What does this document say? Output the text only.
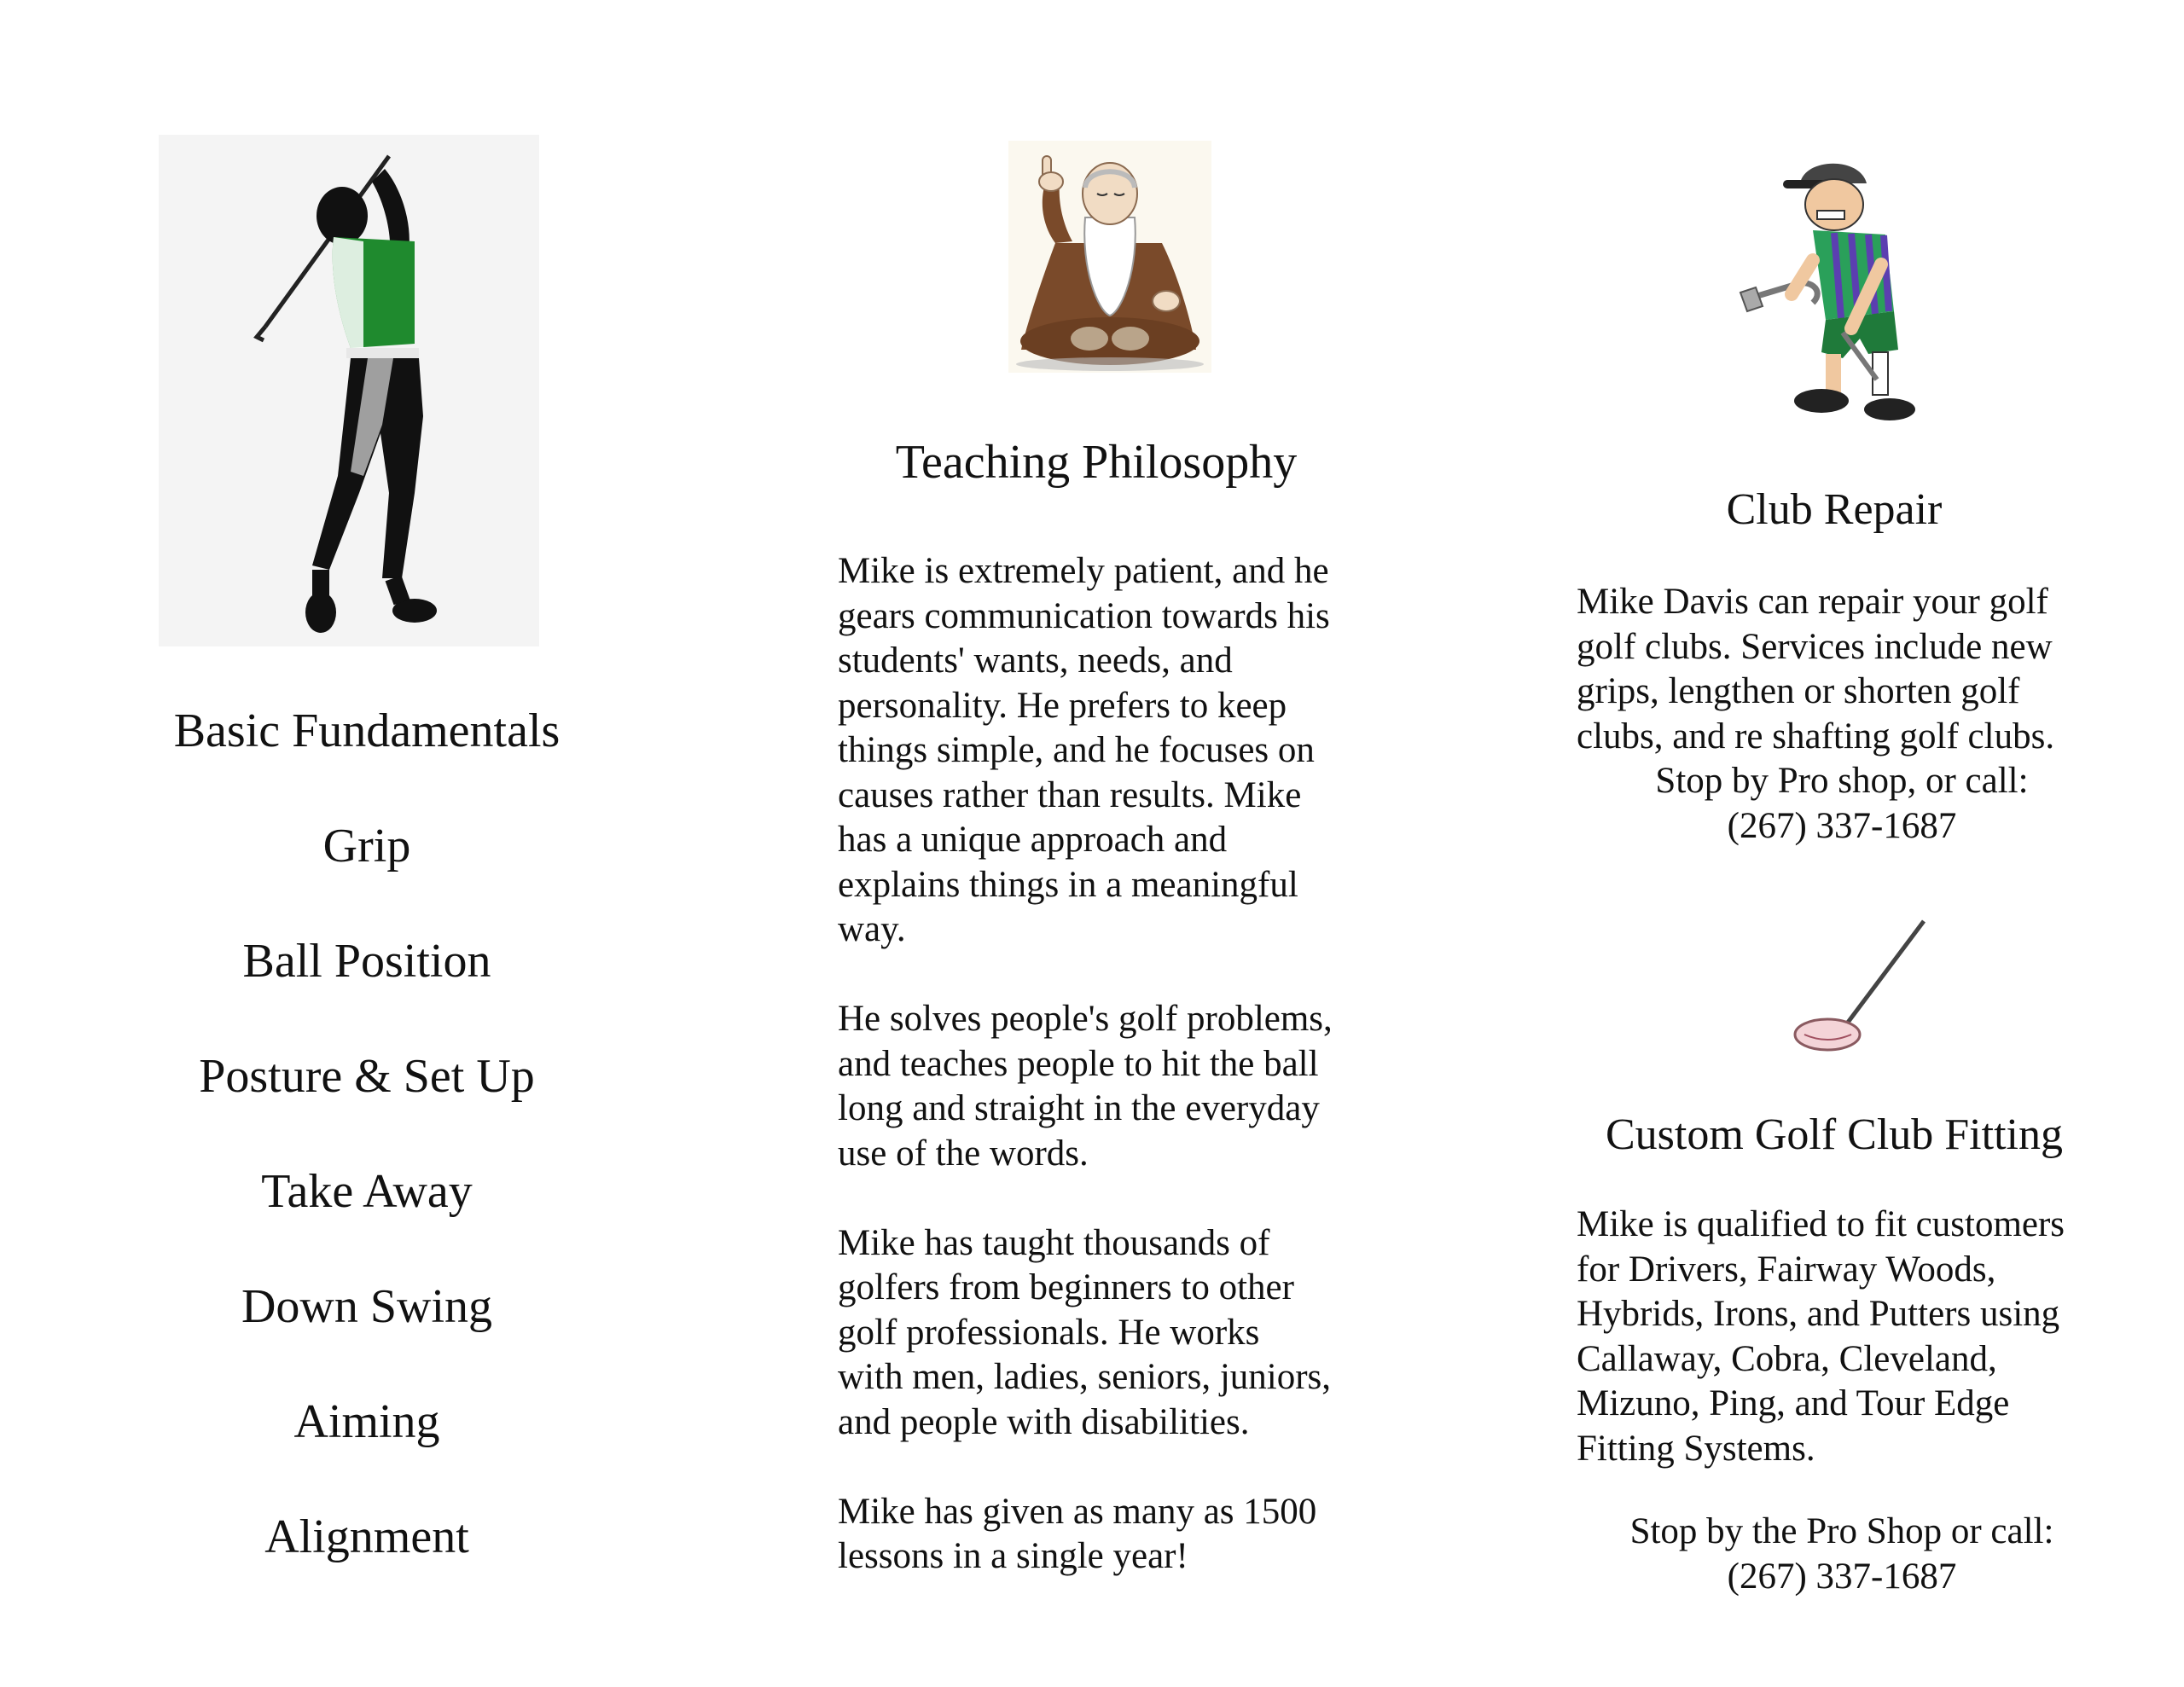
Basic Fundamentals
Grip
Ball Position
Posture & Set Up
Take Away
Down Swing
Aiming
Alignment
Teaching Philosophy

Mike is extremely patient, and he
gears communication towards his
students' wants, needs, and
personality. He prefers to keep
things simple, and he focuses on
causes rather than results. Mike
has a unique approach and
explains things in a meaningful
way.

He solves people's golf problems,
and teaches people to hit the ball
long and straight in the everyday
use of the words.

Mike has taught thousands of
golfers from beginners to other
golf professionals. He works
with men, ladies, seniors, juniors,
and people with disabilities.

Mike has given as many as 1500
lessons in a single year!

Club Repair
Mike Davis can repair your golf
golf clubs. Services include new
grips, lengthen or shorten golf
clubs, and re shafting golf clubs.
Stop by Pro shop, or call:
(267) 337-1687
Custom Golf Club Fitting
Mike is qualified to fit customers
for Drivers, Fairway Woods,
Hybrids, Irons, and Putters using
Callaway, Cobra, Cleveland,
Mizuno, Ping, and Tour Edge
Fitting Systems.
Stop by the Pro Shop or call:
(267) 337-1687
